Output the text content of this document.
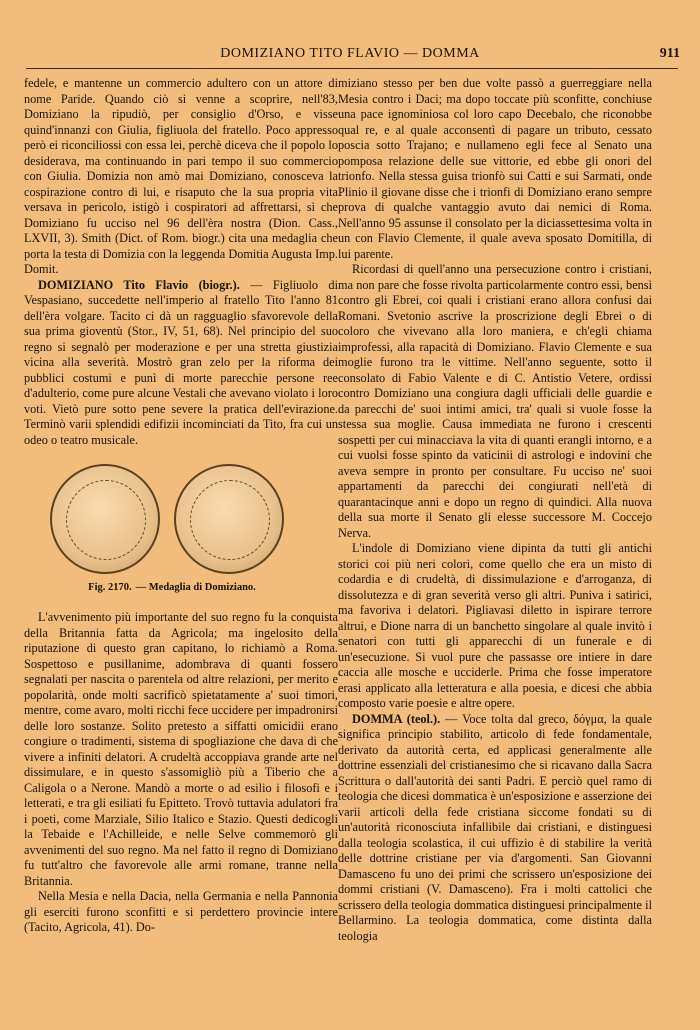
DOMIZIANO TITO FLAVIO — DOMMA	911

fedele, e mantenne un commercio adultero con un attore di nome Paride. Quando ciò si venne a scoprire, nell'83, Domiziano la ripudiò, per consiglio d'Orso, e visse quind'innanzi con Giulia, figliuola del fratello. Poco appresso però ei riconciliossi con essa lei, perchè diceva che il popolo lo desiderava, ma continuando in pari tempo il suo commercio con Giulia. Domizia non amò mai Domiziano, conosceva la cospirazione contro di lui, e risaputo che la sua propria vita versava in pericolo, istigò i cospiratori ad affrettarsi, sì che Domiziano fu ucciso nel 96 dell'èra nostra (Dion. Cass., LXVII, 3). Smith (Dict. of Rom. biogr.) cita una medaglia che porta la testa di Domizia con la leggenda Domitia Augusta Imp. Domit.

DOMIZIANO Tito Flavio (biogr.). — Figliuolo di Vespasiano, succedette nell'imperio al fratello Tito l'anno 81 dell'èra volgare. Tacito ci dà un ragguaglio sfavorevole della sua prima gioventù (Stor., IV, 51, 68). Nel principio del suo regno si segnalò per moderazione e per una stretta giustizia vicina alla severità. Mostrò gran zelo per la riforma dei pubblici costumi e punì di morte parecchie persone ree d'adulterio, come pure alcune Vestali che avevano violato i loro voti. Vietò pure sotto pene severe la pratica dell'evirazione. Terminò varii splendidi edifizii incominciati da Tito, fra cui un odeo o teatro musicale.

Fig. 2170. — Medaglia di Domiziano.

L'avvenimento più importante del suo regno fu la conquista della Britannia fatta da Agricola; ma ingelosito della riputazione di questo gran capitano, lo richiamò a Roma. Sospettoso e pusillanime, adombrava di quanti fossero segnalati per nascita o parentela od altre relazioni, per merito e popolarità, onde molti sacrificò spietatamente a' suoi timori, mentre, come avaro, molti ricchi fece uccidere per impadronirsi delle loro sostanze. Solito pretesto a siffatti omicidii erano congiure o tradimenti, sistema di spogliazione che dava di che vivere a infiniti delatori. A crudeltà accoppiava grande arte nel dissimulare, e in questo s'assomigliò più a Tiberio che a Caligola o a Nerone. Mandò a morte o ad esilio i filosofi e i letterati, e tra gli esiliati fu Epitteto. Trovò tuttavia adulatori fra i poeti, come Marziale, Silio Italico e Stazio. Questi dedicogli la Tebaide e l'Achilleide, e nelle Selve commemorò gli avvenimenti del suo regno. Ma nel fatto il regno di Domiziano fu tutt'altro che favorevole alle armi romane, tranne nella Britannia.

Nella Mesia e nella Dacia, nella Germania e nella Pannonia gli eserciti furono sconfitti e si perdettero provincie intere (Tacito, Agricola, 41). Do-

miziano stesso per ben due volte passò a guerreggiare nella Mesia contro i Daci; ma dopo toccate più sconfitte, conchiuse una pace ignominiosa col loro capo Decebalo, che riconobbe qual re, e al quale acconsentì di pagare un tributo, cessato poscia sotto Trajano; e nullameno egli fece al Senato una pomposa relazione delle sue vittorie, ed ebbe gli onori del trionfo. Nella stessa guisa trionfò sui Catti e sui Sarmati, onde Plinio il giovane disse che i trionfi di Domiziano erano sempre prova di qualche vantaggio avuto dai nemici di Roma. Nell'anno 95 assunse il consolato per la diciassettesima volta in un con Flavio Clemente, il quale aveva sposato Domitilla, di lui parente.

Ricordasi di quell'anno una persecuzione contro i cristiani, ma non pare che fosse rivolta particolarmente contro essi, bensì contro gli Ebrei, coi quali i cristiani erano allora confusi dai Romani. Svetonio ascrive la proscrizione degli Ebrei o di coloro che vivevano alla loro maniera, e ch'egli chiama improfessi, alla rapacità di Domiziano. Flavio Clemente e sua moglie furono tra le vittime. Nell'anno seguente, sotto il consolato di Fabio Valente e di C. Antistio Vetere, ordissi contro Domiziano una congiura dagli ufficiali delle guardie e da parecchi de' suoi intimi amici, tra' quali si vuole fosse la stessa sua moglie. Causa immediata ne furono i crescenti sospetti per cui minacciava la vita di quanti erangli intorno, e a cui vuolsi fosse spinto da vaticinii di astrologi e indovini che aveva sempre in pronto per consultare. Fu ucciso ne' suoi appartamenti da parecchi dei congiurati nell'età di quarantacinque anni e dopo un regno di quindici. Alla nuova della sua morte il Senato gli elesse successore M. Coccejo Nerva.

L'indole di Domiziano viene dipinta da tutti gli antichi storici coi più neri colori, come quello che era un misto di codardia e di crudeltà, di dissimulazione e d'arroganza, di dissolutezza e di gran severità verso gli altri. Puniva i satirici, ma favoriva i delatori. Pigliavasi diletto in ispirare terrore altrui, e Dione narra di un banchetto singolare al quale invitò i senatori con tutti gli apparecchi di un funerale e di un'esecuzione. Si vuol pure che passasse ore intiere in dare caccia alle mosche e ucciderle. Prima che fosse imperatore erasi applicato alla letteratura e alla poesia, e dicesi che abbia composto varie poesie e altre opere.

DOMMA (teol.). — Voce tolta dal greco, δόγμα, la quale significa principio stabilito, articolo di fede fondamentale, derivato da autorità certa, ed applicasi generalmente alle dottrine essenziali del cristianesimo che si ricavano dalla Sacra Scrittura o dall'autorità dei santi Padri. E perciò quel ramo di teologia che dicesi dommatica è un'esposizione e asserzione dei varii articoli della fede cristiana siccome fondati su di un'autorità riconosciuta infallibile dai cristiani, e distinguesi dalla teologia scolastica, il cui uffizio è di stabilire la verità delle dottrine cristiane per via d'argomenti. San Giovanni Damasceno fu uno dei primi che scrissero un'esposizione dei dommi cristiani (V. Damasceno). Fra i molti cattolici che scrissero della teologia dommatica distinguesi principalmente il Bellarmino. La teologia dommatica, come distinta dalla teologia
